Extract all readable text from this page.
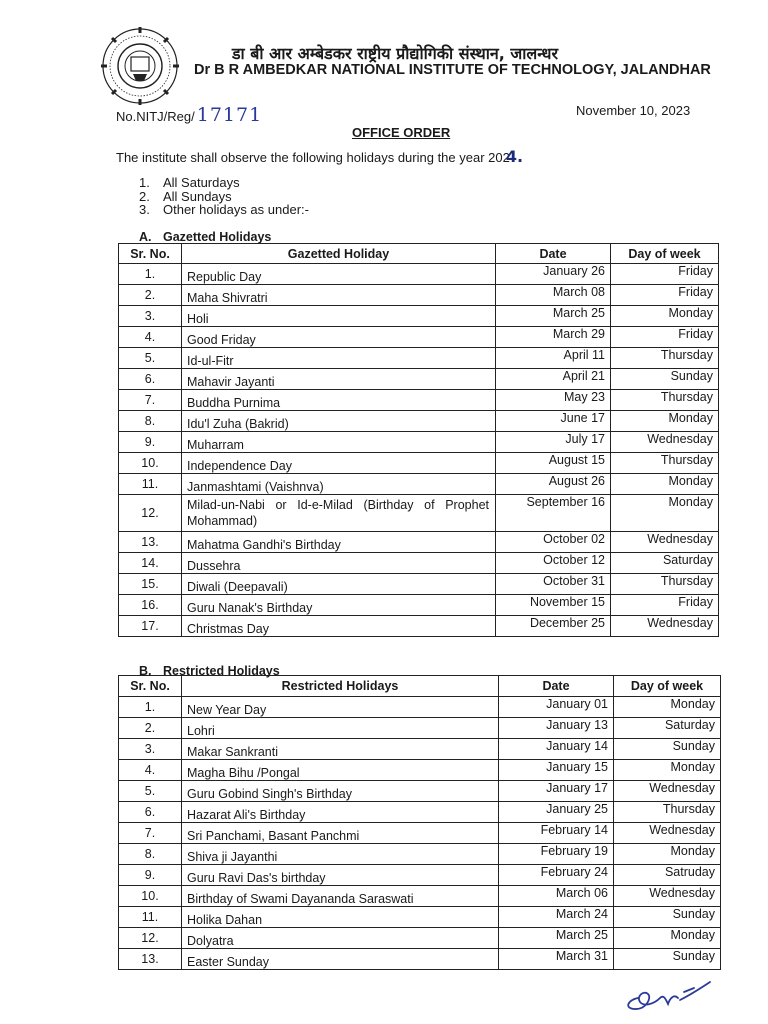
डा बी आर अम्बेडकर राष्ट्रीय प्रौद्योगिकी संस्थान, जालन्धर
Dr B R AMBEDKAR NATIONAL INSTITUTE OF TECHNOLOGY, JALANDHAR
No.NITJ/Reg/ 17171	November 10, 2023
OFFICE ORDER
The institute shall observe the following holidays during the year 2024.
1. All Saturdays
2. All Sundays
3. Other holidays as under:-
A. Gazetted Holidays
Sr. No.	Gazetted Holiday	Date	Day of week
1.	Republic Day	January 26	Friday
2.	Maha Shivratri	March 08	Friday
3.	Holi	March 25	Monday
4.	Good Friday	March 29	Friday
5.	Id-ul-Fitr	April 11	Thursday
6.	Mahavir Jayanti	April 21	Sunday
7.	Buddha Purnima	May 23	Thursday
8.	Idu'l Zuha (Bakrid)	June 17	Monday
9.	Muharram	July 17	Wednesday
10.	Independence Day	August 15	Thursday
11.	Janmashtami (Vaishnva)	August 26	Monday
12.	Milad-un-Nabi or Id-e-Milad (Birthday of Prophet Mohammad)	September 16	Monday
13.	Mahatma Gandhi's Birthday	October 02	Wednesday
14.	Dussehra	October 12	Saturday
15.	Diwali (Deepavali)	October 31	Thursday
16.	Guru Nanak's Birthday	November 15	Friday
17.	Christmas Day	December 25	Wednesday
B. Restricted Holidays
Sr. No.	Restricted Holidays	Date	Day of week
1.	New Year Day	January 01	Monday
2.	Lohri	January 13	Saturday
3.	Makar Sankranti	January 14	Sunday
4.	Magha Bihu /Pongal	January 15	Monday
5.	Guru Gobind Singh's Birthday	January 17	Wednesday
6.	Hazarat Ali's Birthday	January 25	Thursday
7.	Sri Panchami, Basant Panchmi	February 14	Wednesday
8.	Shiva ji Jayanthi	February 19	Monday
9.	Guru Ravi Das's birthday	February 24	Satruday
10.	Birthday of Swami Dayananda Saraswati	March 06	Wednesday
11.	Holika Dahan	March 24	Sunday
12.	Dolyatra	March 25	Monday
13.	Easter Sunday	March 31	Sunday
